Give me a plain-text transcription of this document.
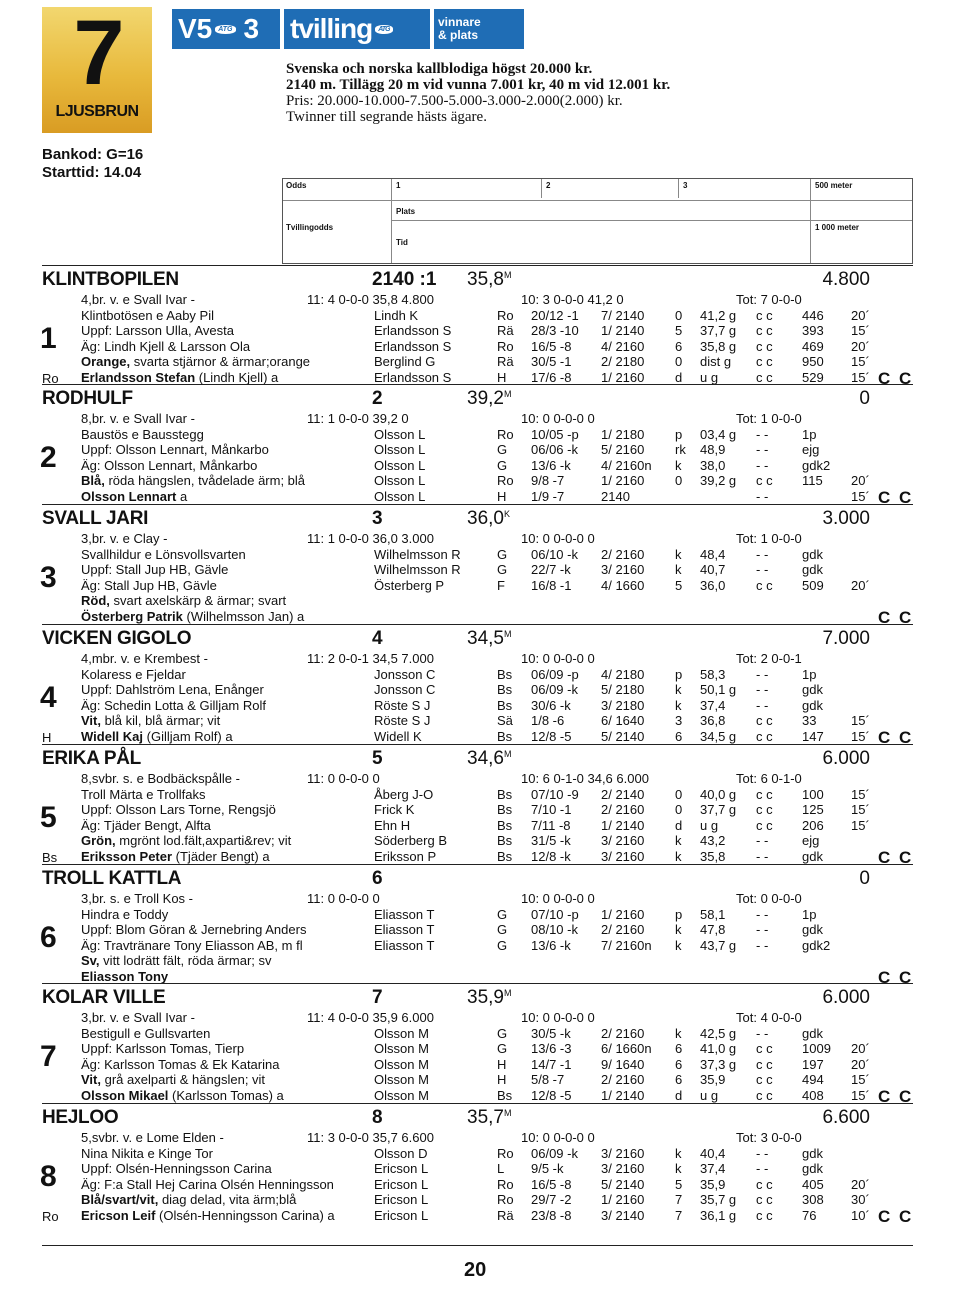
7
LJUSBRUN
V5 ATG 3 tvilling ATG	vinnare
& plats
Bankod: G=16
Starttid: 14.04
Svenska och norska kallblodiga högst 20.000 kr.
2140 m. Tillägg 20 m vid vunna 7.001 kr, 40 m vid 12.001 kr.
Pris: 20.000-10.000-7.500-5.000-3.000-2.000(2.000) kr.
Twinner till segrande hästs ägare.
Odds	1	2	3	500 meter
Plats
Tvillingodds	1 000 meter
Tid
KLINTBOPILEN	2140 :1 $35,8^M$	4.800
1
Ro
4,br. v. e Svall Ivar -	11: 4 0-0-0 35,8 4.800	10: 3 0-0-0 41,2 0	Tot: 7 0-0-0
Klintbotösen e Aaby Pil
Uppf: Larsson Ulla, Avesta
Äg: Lindh Kjell & Larsson Ola
Orange, svarta stjärnor & ärmar;orange
Erlandsson Stefan (Lindh Kjell) a
Lindh K	Ro 20/12 -1 7/ 2140 0 41,2 g c c 446 20´
Erlandsson S	Rä 28/3 -10 1/ 2140 5 37,7 g c c 393 15´
Erlandsson S	Ro 16/5 -8 4/ 2160 6 35,8 g c c 469 20´
Berglind G	Rä 30/5 -1 2/ 2180 0 dist g c c 950 15´
Erlandsson S	H 17/6 -8 1/ 2160 d u g	c c 529 15´ C C
RODHULF	2	$39,2^M$	0
2
8,br. v. e Svall Ivar -	11: 1 0-0-0 39,2 0	10: 0 0-0-0 0	Tot: 1 0-0-0
Baustös e Bausstegg
Uppf: Olsson Lennart, Månkarbo
Äg: Olsson Lennart, Månkarbo
Blå, röda hängslen, tvådelade ärm; blå
Olsson Lennart a
Olsson L	Ro 10/05 -p 1/ 2180 p 03,4 g - -	1p
Olsson L	G 06/06 -k 5/ 2160 rk 48,9 - -	ejg
Olsson L	G 13/6 -k 4/ 2160n k 38,0 - -	gdk2
Olsson L	Ro 9/8 -7	1/ 2160 0 39,2 g c c 115 20´
Olsson L	H 1/9 -7	2140	- -	15´ C C
SVALL JARI	3	$36,0^K$	3.000
3
3,br. v. e Clay -	11: 1 0-0-0 36,0 3.000	10: 0 0-0-0 0	Tot: 1 0-0-0
Svallhildur e Lönsvollsvarten
Uppf: Stall Jup HB, Gävle
Äg: Stall Jup HB, Gävle
Röd, svart axelskärp & ärmar; svart
Österberg Patrik (Wilhelmsson Jan) a
Wilhelmsson R	G 06/10 -k 2/ 2160 k 48,4 - -	gdk
Wilhelmsson R	G 22/7 -k 3/ 2160 k 40,7 - -	gdk
Österberg P	F 16/8 -1 4/ 1660 5 36,0 c c 509 20´
C C
VICKEN GIGOLO	4	$34,5^M$	7.000
4
H
4,mbr. v. e Krembest -	11: 2 0-0-1 34,5 7.000	10: 0 0-0-0 0	Tot: 2 0-0-1
Kolaress e Fjeldar
Uppf: Dahlström Lena, Enånger
Äg: Schedin Lotta & Gilljam Rolf
Vit, blå kil, blå ärmar; vit
Widell Kaj (Gilljam Rolf) a
Jonsson C	Bs 06/09 -p 4/ 2180 p 58,3 - -	1p
Jonsson C	Bs 06/09 -k 5/ 2180 k 50,1 g - -	gdk
Röste S J	Bs 30/6 -k 3/ 2180 k 37,4 - -	gdk
Röste S J	Sä 1/8 -6	6/ 1640 3 36,8 c c 33	15´
Widell K	Bs 12/8 -5 5/ 2140 6 34,5 g c c 147 15´ C C
ERIKA PÅL	5	$34,6^M$	6.000
5
Bs
8,svbr. s. e Bodbäckspålle -	11: 0 0-0-0 0	10: 6 0-1-0 34,6 6.000	Tot: 6 0-1-0
Troll Märta e Trollfaks
Uppf: Olsson Lars Torne, Rengsjö
Äg: Tjäder Bengt, Alfta
Grön, mgrönt lod.fält,axparti&rev; vit
Eriksson Peter (Tjäder Bengt) a
Åberg J-O	Bs 07/10 -9 2/ 2140 0 40,0 g c c 100 15´
Frick K	Bs 7/10 -1 2/ 2160 0 37,7 g c c 125 15´
Ehn H	Bs 7/11 -8 1/ 2140 d u g	c c 206 15´
Söderberg B	Bs 31/5 -k 3/ 2160 k 43,2 - -	ejg
Eriksson P	Bs 12/8 -k 3/ 2160 k 35,8 - -	gdk	C C
TROLL KATTLA	6	0
6
3,br. s. e Troll Kos -	11: 0 0-0-0 0	10: 0 0-0-0 0	Tot: 0 0-0-0
Hindra e Toddy
Uppf: Blom Göran & Jernebring Anders
Äg: Travtränare Tony Eliasson AB, m fl
Sv, vitt lodrätt fält, röda ärmar; sv
Eliasson Tony
Eliasson T	G 07/10 -p 1/ 2160 p 58,1 - -	1p
Eliasson T	G 08/10 -k 2/ 2160 k 47,8 - -	gdk
Eliasson T	G 13/6 -k 7/ 2160n k 43,7 g - -	gdk2
C C
KOLAR VILLE	7	$35,9^M$	6.000
7
3,br. v. e Svall Ivar -	11: 4 0-0-0 35,9 6.000	10: 0 0-0-0 0	Tot: 4 0-0-0
Bestigull e Gullsvarten
Uppf: Karlsson Tomas, Tierp
Äg: Karlsson Tomas & Ek Katarina
Vit, grå axelparti & hängslen; vit
Olsson Mikael (Karlsson Tomas) a
Olsson M	G 30/5 -k 2/ 2160 k 42,5 g - -	gdk
Olsson M	G 13/6 -3 6/ 1660n 6 41,0 g c c 1009 20´
Olsson M	H 14/7 -1 9/ 1640 6 37,3 g c c 197 20´
Olsson M	H 5/8 -7	2/ 2160 6 35,9 c c 494 15´
Olsson M	Bs 12/8 -5 1/ 2140 d u g	c c 408 15´ C C
HEJLOO	8	$35,7^M$	6.600
8
Ro
5,svbr. v. e Lome Elden -	11: 3 0-0-0 35,7 6.600	10: 0 0-0-0 0	Tot: 3 0-0-0
Nina Nikita e Kinge Tor
Uppf: Olsén-Henningsson Carina
Äg: F:a Stall Hej Carina Olsén Henningsson
Blå/svart/vit, diag delad, vita ärm;blå
Ericson Leif (Olsén-Henningsson Carina) a
Olsson D	Ro 06/09 -k 3/ 2160 k 40,4 - -	gdk
Ericson L	L 9/5 -k	3/ 2160 k 37,4 - -	gdk
Ericson L	Ro 16/5 -8 5/ 2140 5 35,9 c c 405 20´
Ericson L	Ro 29/7 -2 1/ 2160 7 35,7 g c c 308 30´
Ericson L	Rä 23/8 -8 3/ 2140 7 36,1 g c c 76	10´ C C
20
